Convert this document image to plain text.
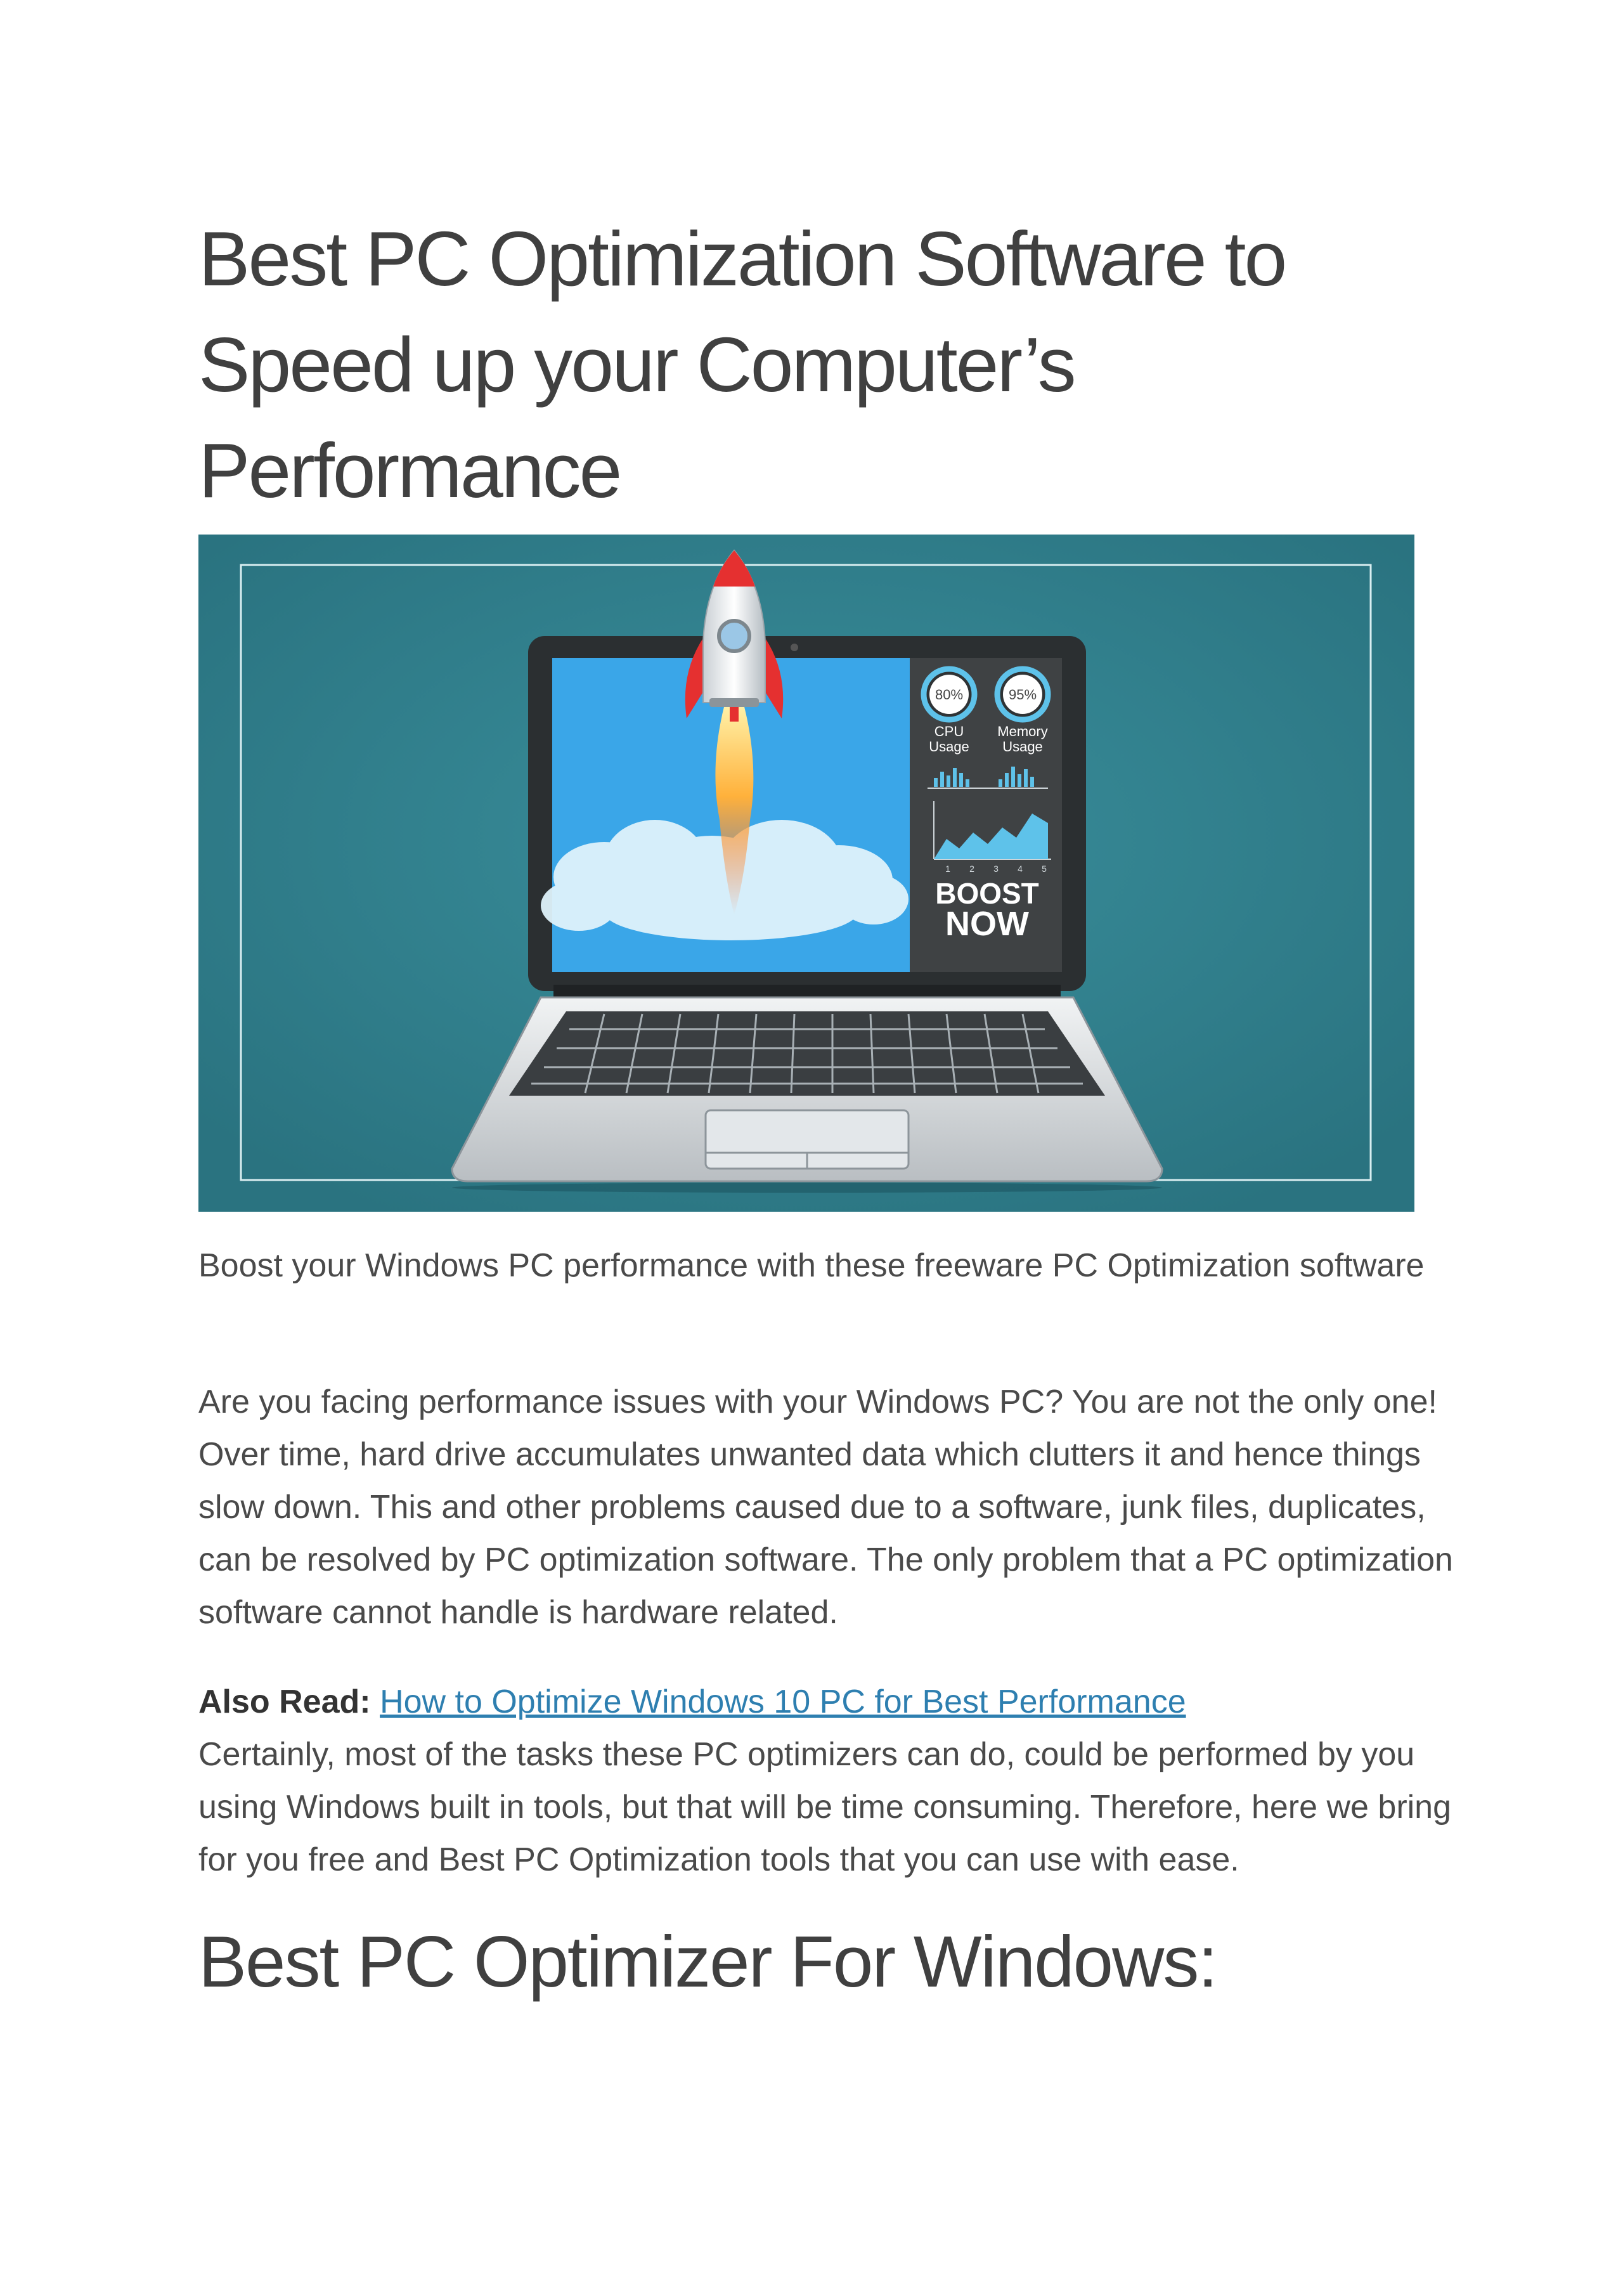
Best PC Optimization Software to Speed up your Computer’s Performance
80%
CPU
Usage
95%
Memory
Usage
1 2 3 4 5
BOOST
NOW

Boost your Windows PC performance with these freeware PC Optimization software

Are you facing performance issues with your Windows PC? You are not the only one! Over time, hard drive accumulates unwanted data which clutters it and hence things slow down. This and other problems caused due to a software, junk files, duplicates, can be resolved by PC optimization software. The only problem that a PC optimization software cannot handle is hardware related.

Also Read: How to Optimize Windows 10 PC for Best Performance
Certainly, most of the tasks these PC optimizers can do, could be performed by you using Windows built in tools, but that will be time consuming. Therefore, here we bring for you free and Best PC Optimization tools that you can use with ease.

Best PC Optimizer For Windows:
